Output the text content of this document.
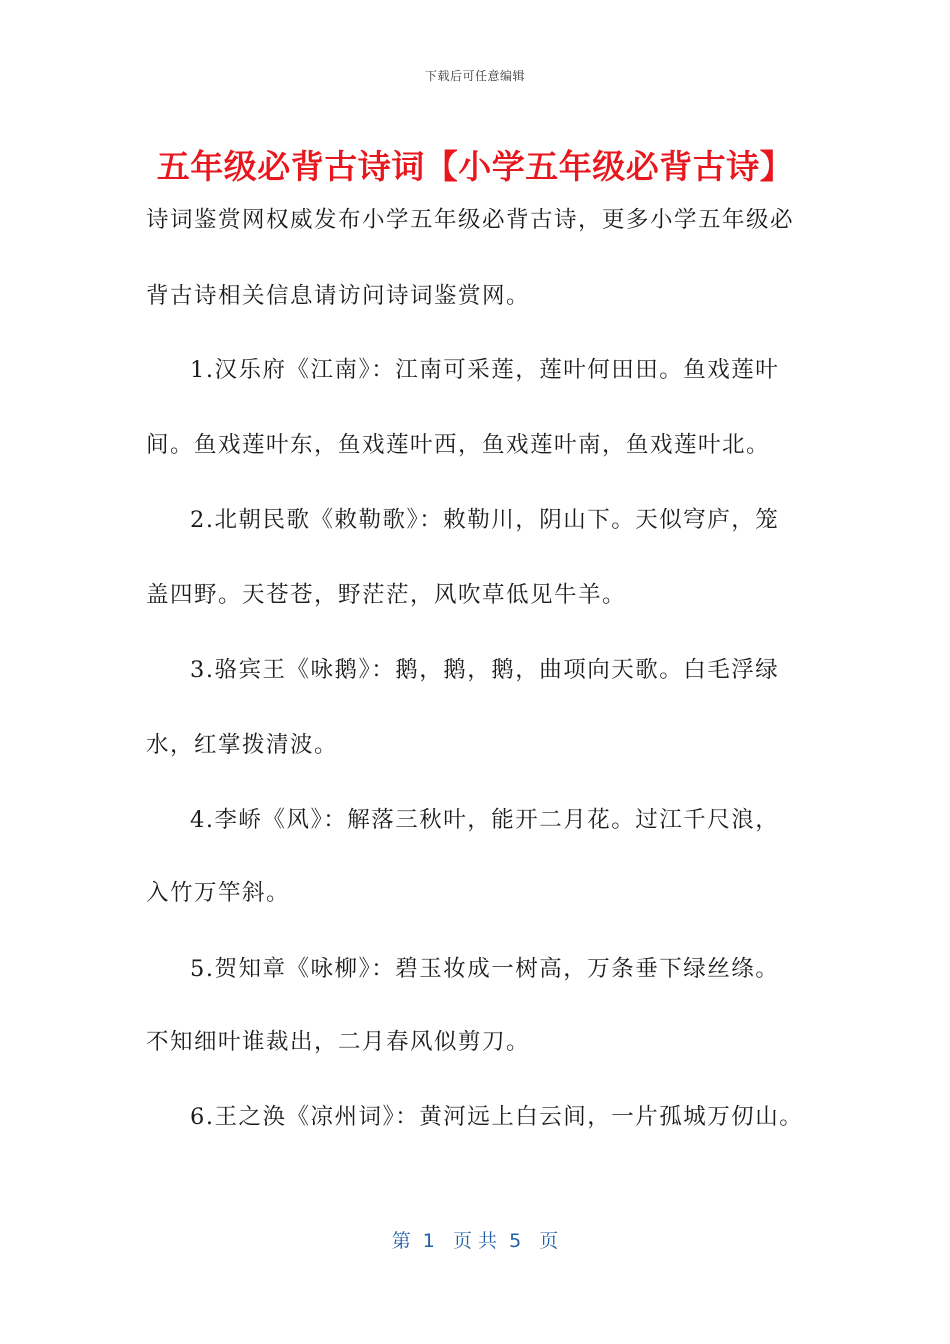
下载后可任意编辑
五年级必背古诗词【小学五年级必背古诗】
诗词鉴赏网权威发布小学五年级必背古诗，更多小学五年级必
背古诗相关信息请访问诗词鉴赏网。
1.汉乐府《江南》：江南可采莲，莲叶何田田。鱼戏莲叶
间。鱼戏莲叶东，鱼戏莲叶西，鱼戏莲叶南，鱼戏莲叶北。
2.北朝民歌《敕勒歌》：敕勒川，阴山下。天似穹庐，笼
盖四野。天苍苍，野茫茫，风吹草低见牛羊。
3.骆宾王《咏鹅》：鹅，鹅，鹅，曲项向天歌。白毛浮绿
水，红掌拨清波。
4.李峤《风》：解落三秋叶，能开二月花。过江千尺浪，
入竹万竿斜。
5.贺知章《咏柳》：碧玉妆成一树高，万条垂下绿丝绦。
不知细叶谁裁出，二月春风似剪刀。
6.王之涣《凉州词》：黄河远上白云间，一片孤城万仞山。
第  1   页 共  5   页
